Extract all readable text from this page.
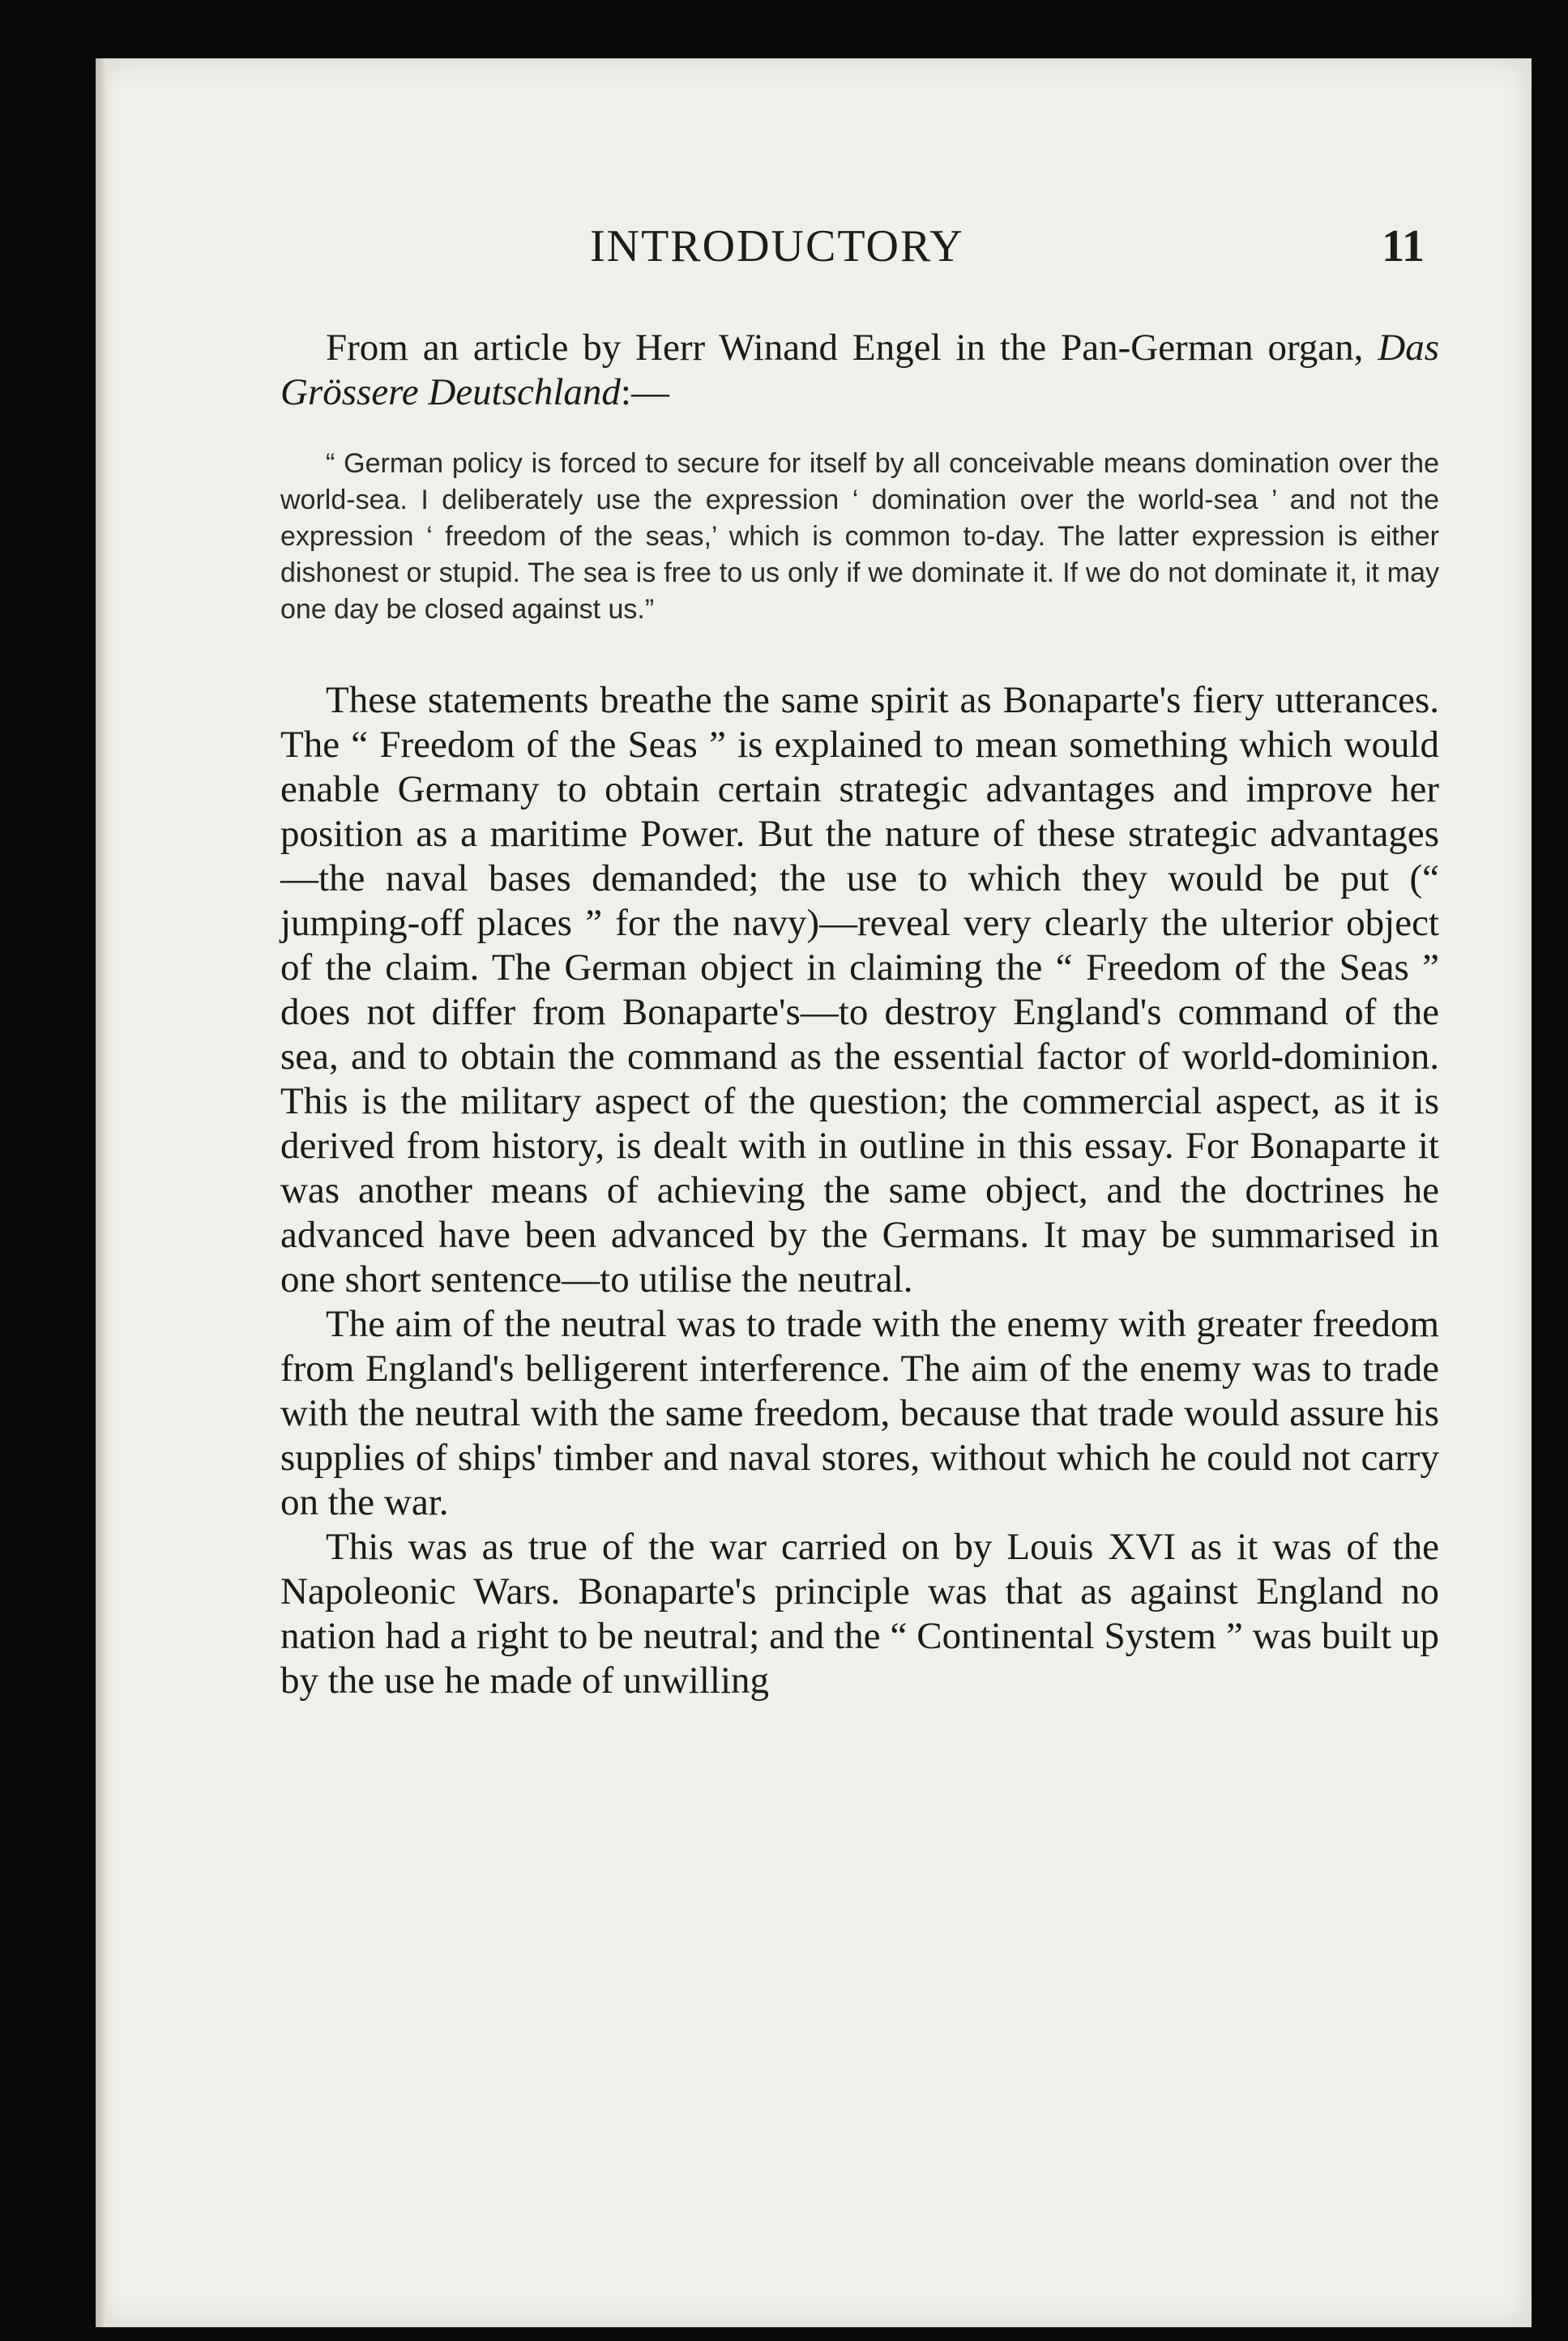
INTRODUCTORY	11

From an article by Herr Winand Engel in the Pan-German organ, Das Grössere Deutschland:—

“ German policy is forced to secure for itself by all conceivable means domination over the world-sea. I deliberately use the expression ‘ domination over the world-sea ’ and not the expression ‘ freedom of the seas,’ which is common to-day. The latter expression is either dishonest or stupid. The sea is free to us only if we dominate it. If we do not dominate it, it may one day be closed against us.”

These statements breathe the same spirit as Bonaparte's fiery utterances. The “ Freedom of the Seas ” is explained to mean something which would enable Germany to obtain certain strategic advantages and improve her position as a maritime Power. But the nature of these strategic advantages—the naval bases demanded; the use to which they would be put (“ jumping-off places ” for the navy)—reveal very clearly the ulterior object of the claim. The German object in claiming the “ Freedom of the Seas ” does not differ from Bonaparte's—to destroy England's command of the sea, and to obtain the command as the essential factor of world-dominion. This is the military aspect of the question; the commercial aspect, as it is derived from history, is dealt with in outline in this essay. For Bonaparte it was another means of achieving the same object, and the doctrines he advanced have been advanced by the Germans. It may be summarised in one short sentence—to utilise the neutral.

The aim of the neutral was to trade with the enemy with greater freedom from England's belligerent interference. The aim of the enemy was to trade with the neutral with the same freedom, because that trade would assure his supplies of ships' timber and naval stores, without which he could not carry on the war.

This was as true of the war carried on by Louis XVI as it was of the Napoleonic Wars. Bonaparte's principle was that as against England no nation had a right to be neutral; and the “ Continental System ” was built up by the use he made of unwilling
